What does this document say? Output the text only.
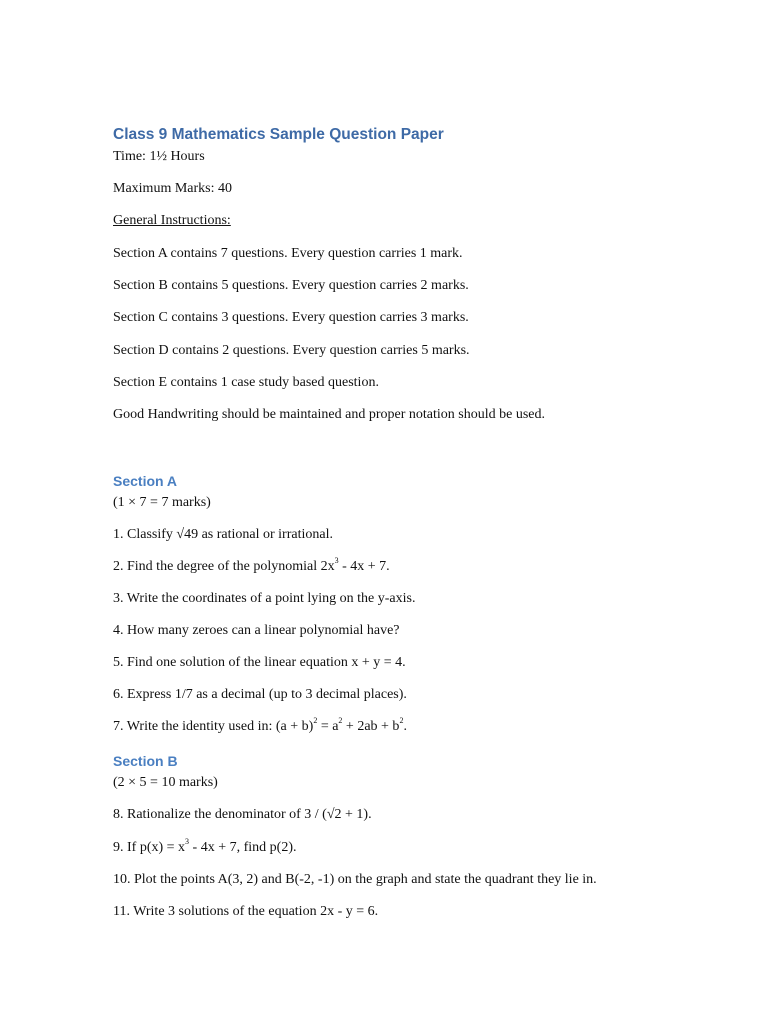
Class 9 Mathematics Sample Question Paper
Time: 1½ Hours
Maximum Marks: 40
General Instructions:
Section A contains 7 questions. Every question carries 1 mark.
Section B contains 5 questions. Every question carries 2 marks.
Section C contains 3 questions. Every question carries 3 marks.
Section D contains 2 questions. Every question carries 5 marks.
Section E contains 1 case study based question.
Good Handwriting should be maintained and proper notation should be used.
Section A
(1 × 7 = 7 marks)
1. Classify √49 as rational or irrational.
2. Find the degree of the polynomial $2x^3 - 4x + 7$.
3. Write the coordinates of a point lying on the y-axis.
4. How many zeroes can a linear polynomial have?
5. Find one solution of the linear equation x + y = 4.
6. Express 1/7 as a decimal (up to 3 decimal places).
7. Write the identity used in: $(a + b)^2 = a^2 + 2ab + b^2$.
Section B
(2 × 5 = 10 marks)
8. Rationalize the denominator of 3 / (√2 + 1).
9. If $p(x) = x^3 - 4x + 7$, find p(2).
10. Plot the points A(3, 2) and B(-2, -1) on the graph and state the quadrant they lie in.
11. Write 3 solutions of the equation 2x - y = 6.
